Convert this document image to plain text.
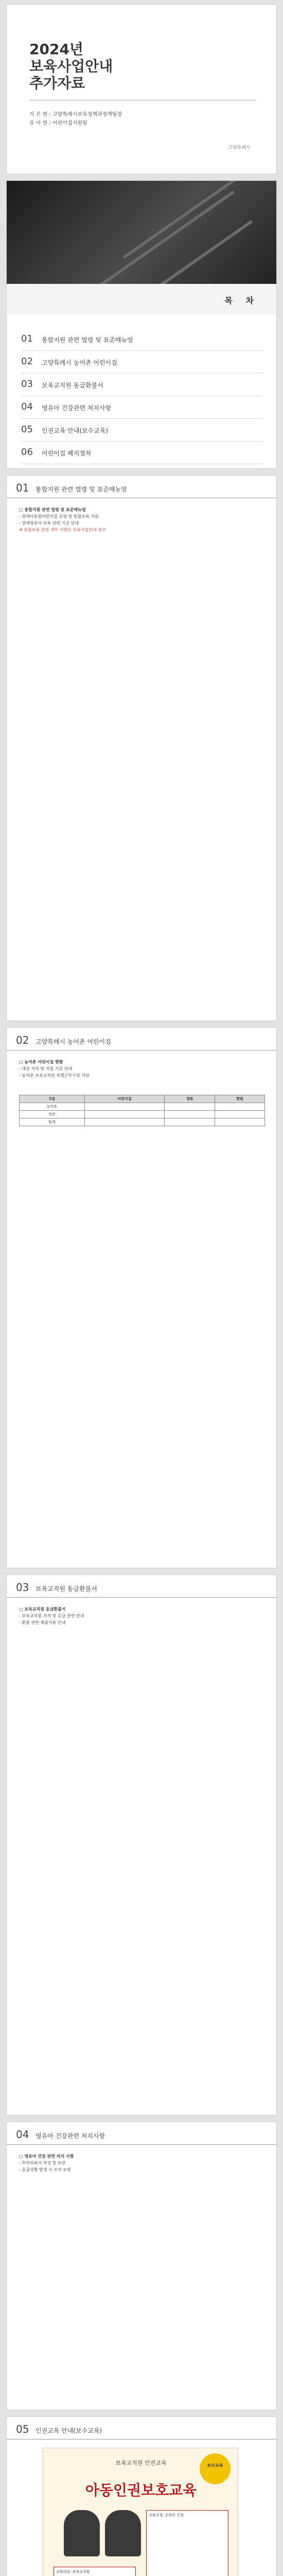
2024년
보육사업안내
추가자료
지 은 현 : 고양특례시보육정책과정책팀장
유 아 현 : 어린이집지원팀
고양특례시
목 차
01 통합지원 관련 법령 및 표준매뉴얼
02 고양특례시 농어촌 어린이집
03 보육교직원 동급환불서
04 영유아 건강관련 처치사항
05 인권교육 안내(보수교육)
06 어린이집 폐지절차
01 통합지원 관련 법령 및 표준매뉴얼
□ 통합지원 관련 법령 및 표준매뉴얼
- 장애아통합어린이집 운영 및 통합보육 지원
- 장애영유아 보육 관련 기준 안내
※ 통합보육 관련 세부 사항은 보육사업안내 참조
02 고양특례시 농어촌 어린이집
□ 농어촌 어린이집 현황
- 대상 지역 및 지원 기준 안내
- 농어촌 보육교직원 특별근무수당 지원
구분	어린이집	정원	현원
농어촌			
일반			
합계			
03 보육교직원 동급환불서
□ 보육교직원 동급환불서
- 보육교직원 자격 및 등급 관련 안내
- 환불 관련 제출서류 안내
04 영유아 건강관련 처치사항
□ 영유아 건강 관련 처치 사항
- 투약의뢰서 작성 및 보관
- 응급상황 발생 시 조치 요령
05 인권교육 안내(보수교육)
보육교직원 인권교육	보수교육
아동인권보호교육
교육대상: 보육교직원
교육신청: 온라인 신청
